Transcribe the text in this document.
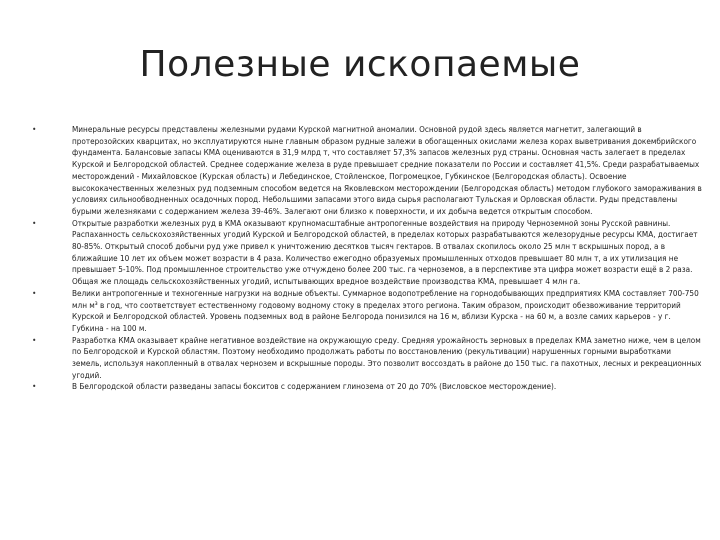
Полезные ископаемые
•	Минеральные ресурсы представлены железными рудами Курской магнитной аномалии. Основной рудой здесь является магнетит, залегающий в протерозойских кварцитах, но эксплуатируются ныне главным образом рудные залежи в обогащенных окислами железа корах выветривания докембрийского фундамента. Балансовые запасы КМА оцениваются в 31,9 млрд т, что составляет 57,3% запасов железных руд страны. Основная часть залегает в пределах Курской и Белгородской областей. Среднее содержание железа в руде превышает средние показатели по России и составляет 41,5%. Среди разрабатываемых месторождений - Михайловское (Курская область) и Лебединское, Стойленское, Погромецкое, Губкинское (Белгородская область). Освоение высококачественных железных руд подземным способом ведется на Яковлевском месторождении (Белгородская область) методом глубокого замораживания в условиях сильнообводненных осадочных пород. Небольшими запасами этого вида сырья располагают Тульская и Орловская области. Руды представлены бурыми железняками с содержанием железа 39-46%. Залегают они близко к поверхности, и их добыча ведется открытым способом.
•	Открытые разработки железных руд в КМА оказывают крупномасштабные антропогенные воздействия на природу Черноземной зоны Русской равнины. Распаханность сельскохозяйственных угодий Курской и Белгородской областей, в пределах которых разрабатываются железорудные ресурсы КМА, достигает 80-85%. Открытый способ добычи руд уже привел к уничтожению десятков тысяч гектаров. В отвалах скопилось около 25 млн т вскрышных пород, а в ближайшие 10 лет их объем может возрасти в 4 раза. Количество ежегодно образуемых промышленных отходов превышает 80 млн т, а их утилизация не превышает 5-10%. Под промышленное строительство уже отчуждено более 200 тыс. га черноземов, а в перспективе эта цифра может возрасти ещё в 2 раза. Общая же площадь сельскохозяйственных угодий, испытывающих вредное воздействие производства КМА, превышает 4 млн га.
•	Велики антропогенные и техногенные нагрузки на водные объекты. Суммарное водопотребление на горнодобывающих предприятиях КМА составляет 700-750 млн м³ в год, что соответствует естественному годовому водному стоку в пределах этого региона. Таким образом, происходит обезвоживание территорий Курской и Белгородской областей. Уровень подземных вод в районе Белгорода понизился на 16 м, вблизи Курска - на 60 м, а возле самих карьеров - у г. Губкина - на 100 м.
•	Разработка КМА оказывает крайне негативное воздействие на окружающую среду. Средняя урожайность зерновых в пределах КМА заметно ниже, чем в целом по Белгородской и Курской областям. Поэтому необходимо продолжать работы по восстановлению (рекультивации) нарушенных горными выработками земель, используя накопленный в отвалах чернозем и вскрышные породы. Это позволит воссоздать в районе до 150 тыс. га пахотных, лесных и рекреационных угодий.
•	В Белгородской области разведаны запасы бокситов с содержанием глинозема от 20 до 70% (Висловское месторождение).
